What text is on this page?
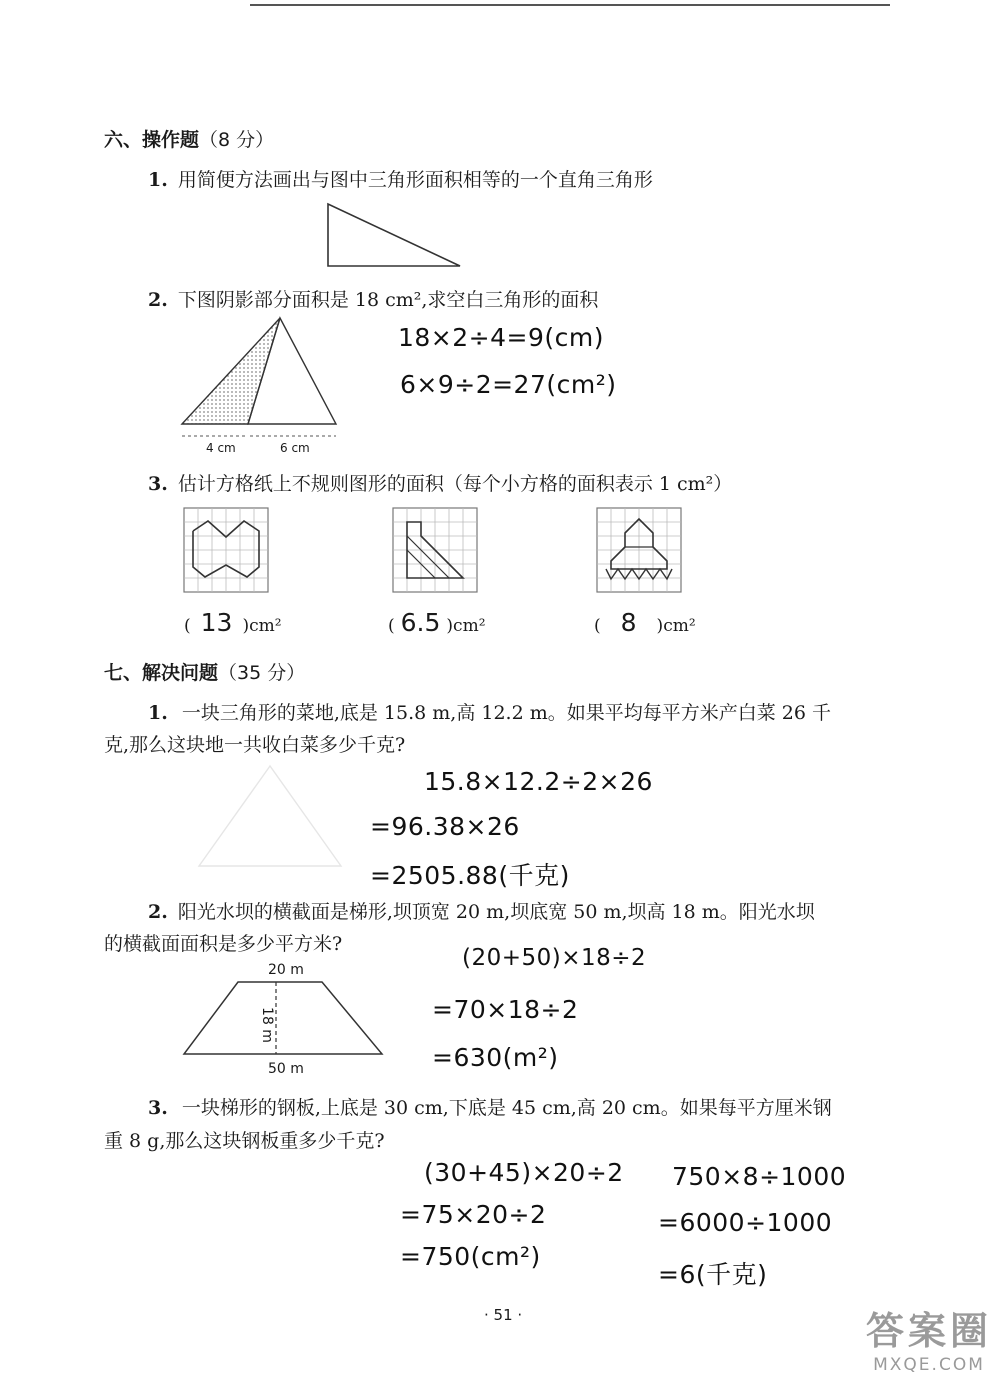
六、操作题（8 分）
1. 用简便方法画出与图中三角形面积相等的一个直角三角形
2. 下图阴影部分面积是 18 cm²,求空白三角形的面积
4 cm	6 cm
18×2÷4=9(cm)
6×9÷2=27(cm²)
3. 估计方格纸上不规则图形的面积（每个小方格的面积表示 1 cm²）
( 13 )cm²	( 6.5 )cm²	( 8 )cm²
七、解决问题（35 分）
1. 一块三角形的菜地,底是 15.8 m,高 12.2 m。如果平均每平方米产白菜 26 千
克,那么这块地一共收白菜多少千克?
15.8×12.2÷2×26
=96.38×26
=2505.88(千克)
2. 阳光水坝的横截面是梯形,坝顶宽 20 m,坝底宽 50 m,坝高 18 m。阳光水坝
的横截面面积是多少平方米?
20 m
18 m
50 m
(20+50)×18÷2
=70×18÷2
=630(m²)
3. 一块梯形的钢板,上底是 30 cm,下底是 45 cm,高 20 cm。如果每平方厘米钢
重 8 g,那么这块钢板重多少千克?
(30+45)×20÷2
=75×20÷2
=750(cm²)
750×8÷1000
=6000÷1000
=6(千克)
· 51 ·	答案圈
MXQE.COM
